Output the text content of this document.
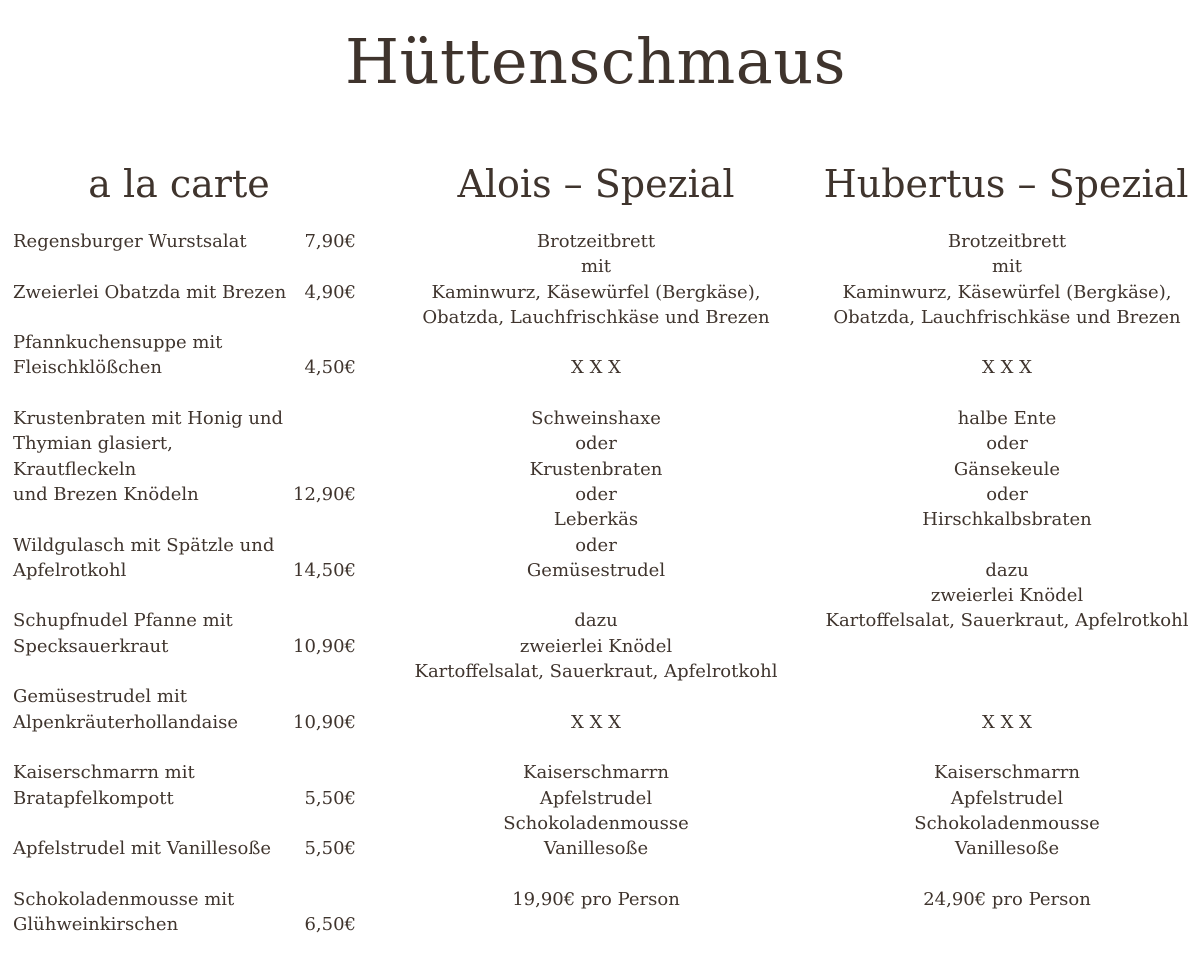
Hüttenschmaus
a la carte	Alois – Spezial	Hubertus – Spezial
Regensburger Wurstsalat	7,90€
Zweierlei Obatzda mit Brezen 4,90€
Pfannkuchensuppe mit
Fleischklößchen	4,50€
Krustenbraten mit Honig und
Thymian glasiert, Krautfleckeln
und Brezen Knödeln	12,90€
Wildgulasch mit Spätzle und
Apfelrotkohl	14,50€
Schupfnudel Pfanne mit
Specksauerkraut	10,90€
Gemüsestrudel mit
Alpenkräuterhollandaise	10,90€
Kaiserschmarrn mit
Bratapfelkompott	5,50€
Apfelstrudel mit Vanillesoße 5,50€
Schokoladenmousse mit
Glühweinkirschen	6,50€
Brotzeitbrett
mit
Kaminwurz, Käsewürfel (Bergkäse),
Obatzda, Lauchfrischkäse und Brezen
X X X
Schweinshaxe
oder
Krustenbraten
oder
Leberkäs
oder
Gemüsestrudel
dazu
zweierlei Knödel
Kartoffelsalat, Sauerkraut, Apfelrotkohl
X X X
Kaiserschmarrn
Apfelstrudel
Schokoladenmousse
Vanillesoße
19,90€ pro Person
Brotzeitbrett
mit
Kaminwurz, Käsewürfel (Bergkäse),
Obatzda, Lauchfrischkäse und Brezen
X X X
halbe Ente
oder
Gänsekeule
oder
Hirschkalbsbraten
dazu
zweierlei Knödel
Kartoffelsalat, Sauerkraut, Apfelrotkohl
X X X
Kaiserschmarrn
Apfelstrudel
Schokoladenmousse
Vanillesoße
24,90€ pro Person
